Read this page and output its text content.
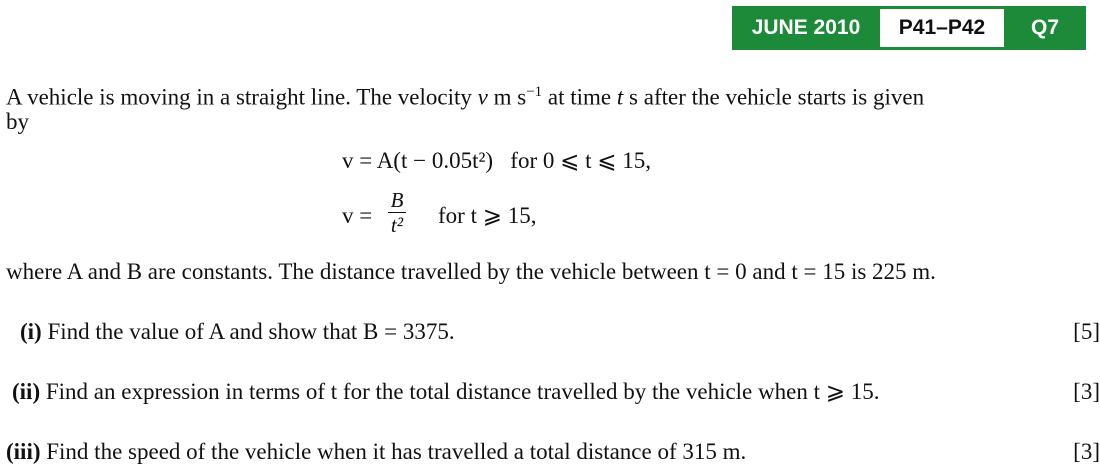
JUNE 2010	P41–P42	Q7
A vehicle is moving in a straight line. The velocity v m $s^{-1}$ at time t s after the vehicle starts is given
by
v = A(t − 0.05t²) for 0 ⩽ t ⩽ 15,
v =
B
t² for t ⩾ 15,
where A and B are constants. The distance travelled by the vehicle between t = 0 and t = 15 is 225 m.
(i) Find the value of A and show that B = 3375.	[5]
(ii) Find an expression in terms of t for the total distance travelled by the vehicle when t ⩾ 15.	[3]
(iii) Find the speed of the vehicle when it has travelled a total distance of 315 m.	[3]
